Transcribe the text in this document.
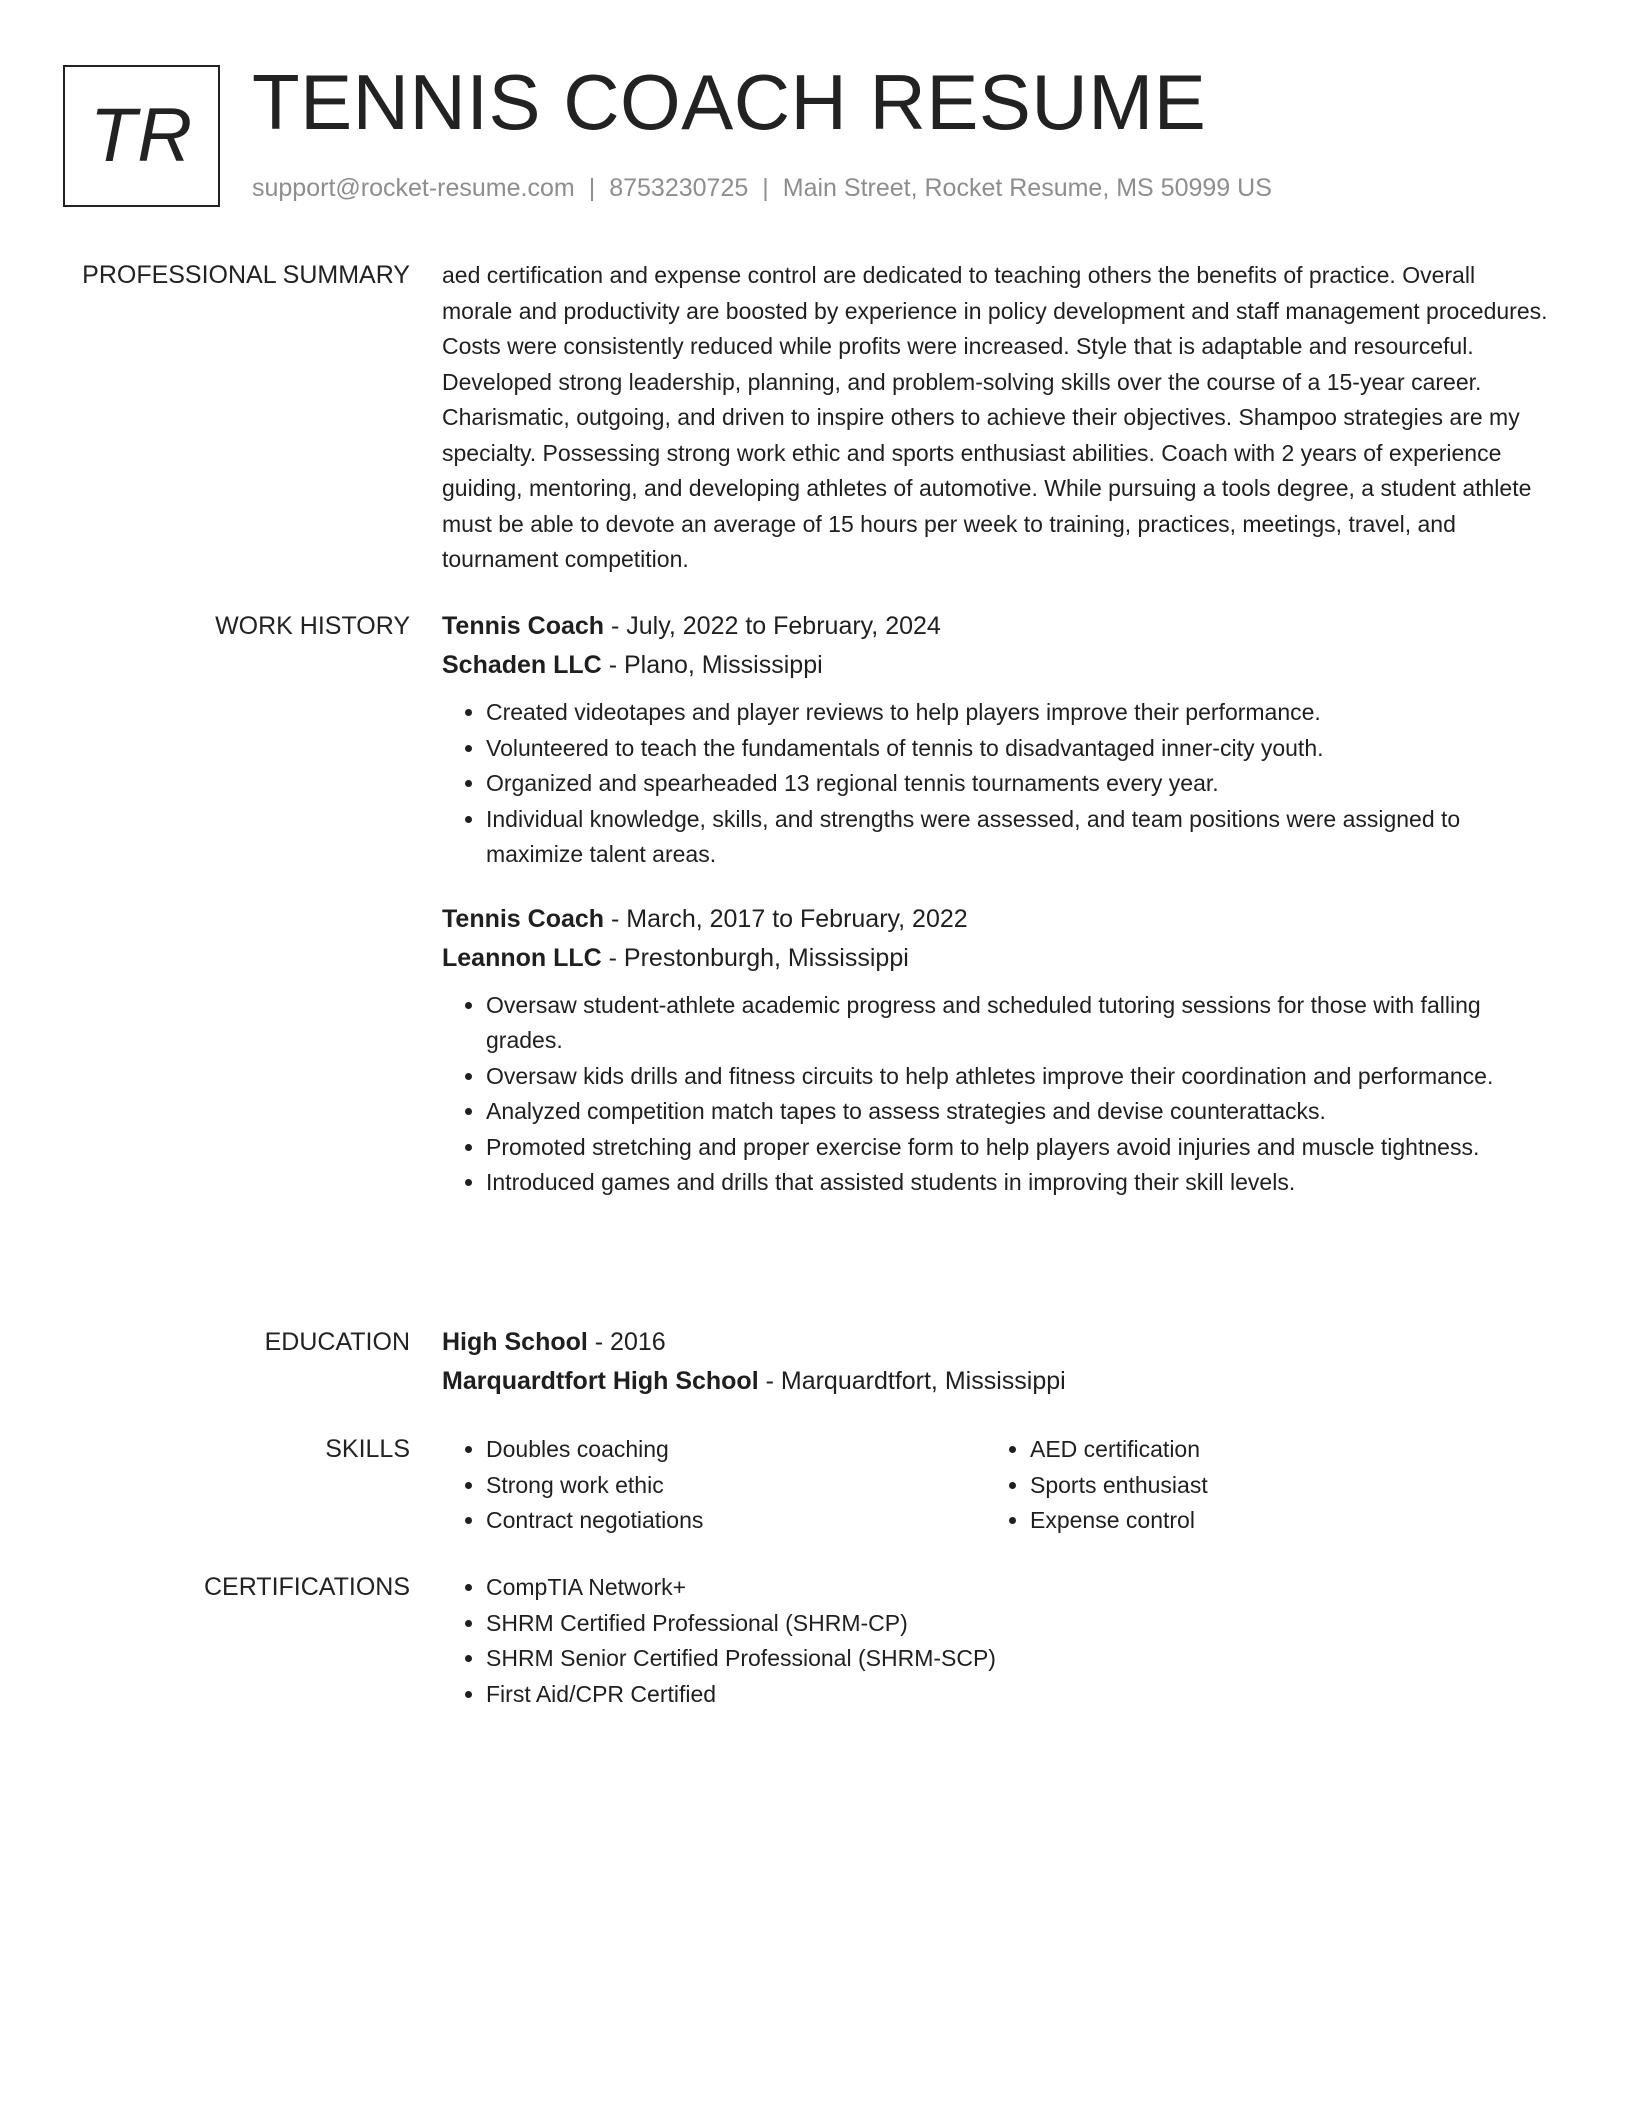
TR TENNIS COACH RESUME
support@rocket-resume.com | 8753230725 | Main Street, Rocket Resume, MS 50999 US
PROFESSIONAL SUMMARY aed certification and expense control are dedicated to teaching others the benefits of practice. Overall morale and productivity are boosted by experience in policy development and staff management procedures. Costs were consistently reduced while profits were increased. Style that is adaptable and resourceful. Developed strong leadership, planning, and problem-solving skills over the course of a 15-year career. Charismatic, outgoing, and driven to inspire others to achieve their objectives. Shampoo strategies are my specialty. Possessing strong work ethic and sports enthusiast abilities. Coach with 2 years of experience guiding, mentoring, and developing athletes of automotive. While pursuing a tools degree, a student athlete must be able to devote an average of 15 hours per week to training, practices, meetings, travel, and tournament competition.

WORK HISTORY Tennis Coach - July, 2022 to February, 2024

Schaden LLC - Plano, Mississippi

• Created videotapes and player reviews to help players improve their performance.
• Volunteered to teach the fundamentals of tennis to disadvantaged inner-city youth.
• Organized and spearheaded 13 regional tennis tournaments every year.
• Individual knowledge, skills, and strengths were assessed, and team positions were assigned to maximize talent areas.

Tennis Coach - March, 2017 to February, 2022

Leannon LLC - Prestonburgh, Mississippi

• Oversaw student-athlete academic progress and scheduled tutoring sessions for those with falling grades.
• Oversaw kids drills and fitness circuits to help athletes improve their coordination and performance.
• Analyzed competition match tapes to assess strategies and devise counterattacks.
• Promoted stretching and proper exercise form to help players avoid injuries and muscle tightness.
• Introduced games and drills that assisted students in improving their skill levels.
EDUCATION High School - 2016

Marquardtfort High School - Marquardtfort, Mississippi

SKILLS	• Doubles coaching
• Strong work ethic
• Contract negotiations
• AED certification
• Sports enthusiast
• Expense control
CERTIFICATIONS	• CompTIA Network+
• SHRM Certified Professional (SHRM-CP)
• SHRM Senior Certified Professional (SHRM-SCP)
• First Aid/CPR Certified
